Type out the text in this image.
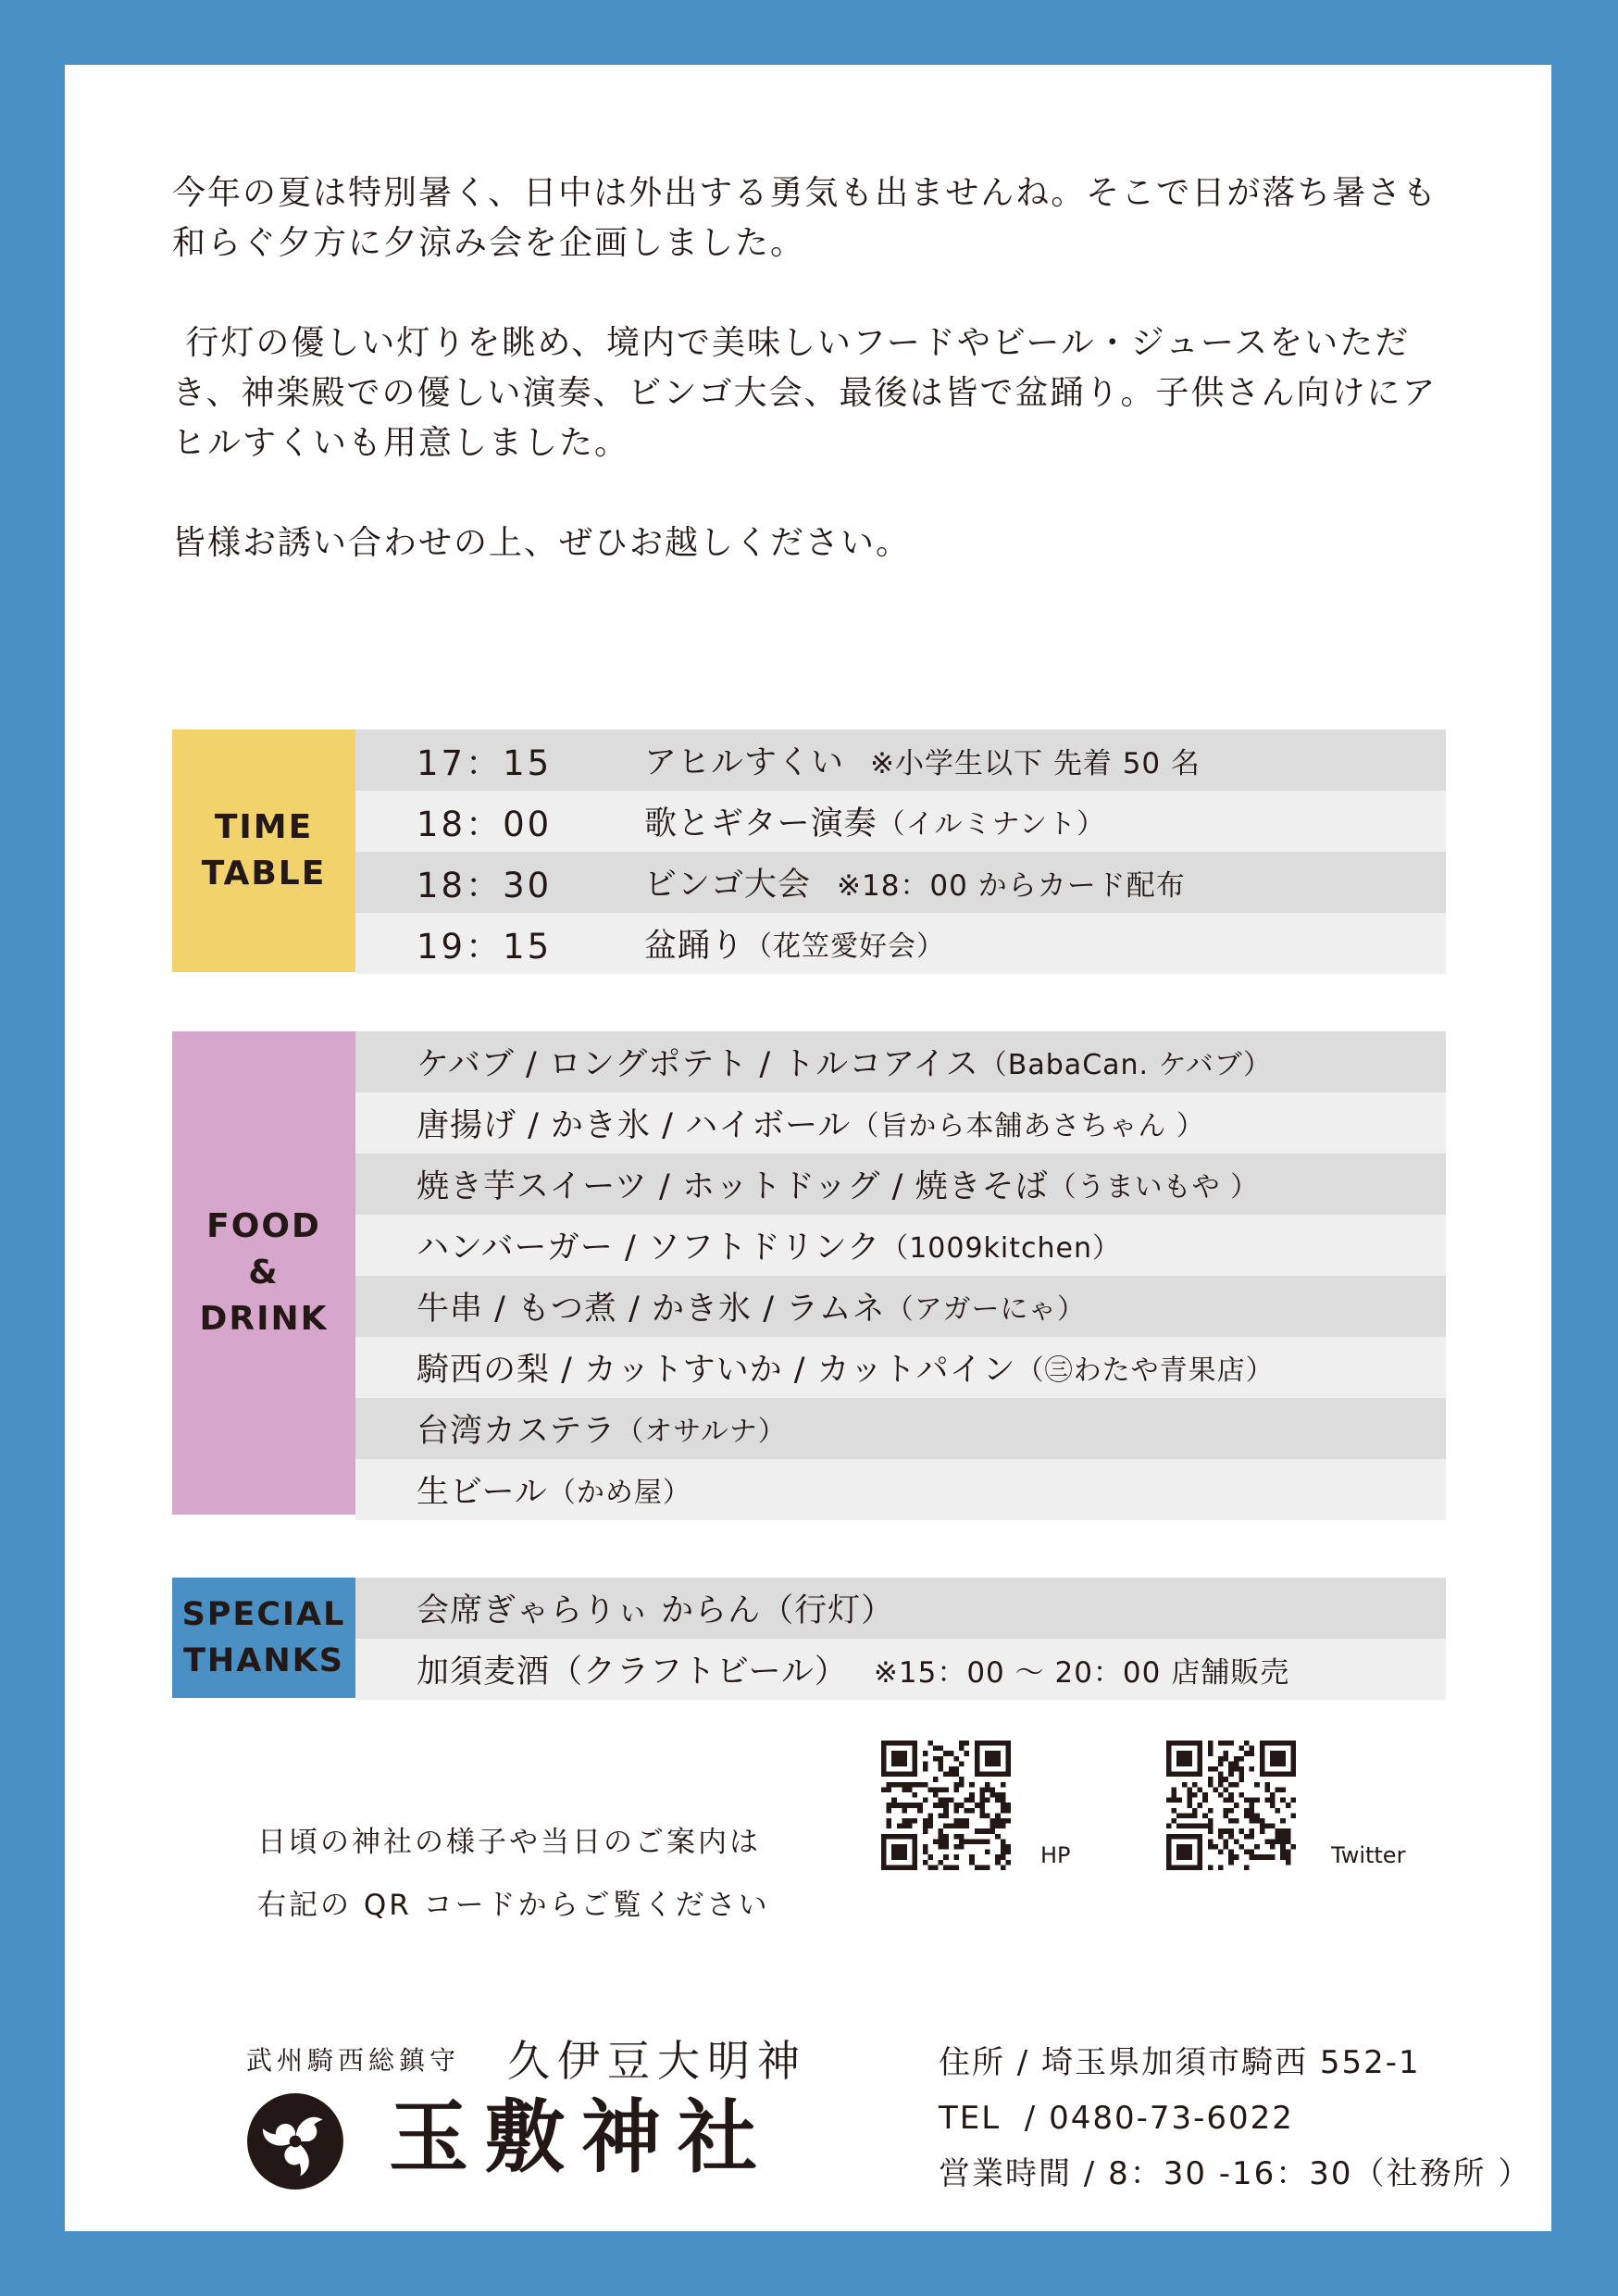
今年の夏は特別暑く、日中は外出する勇気も出ませんね。そこで日が落ち暑さも和らぐ夕方に夕涼み会を企画しました。

行灯の優しい灯りを眺め、境内で美味しいフードやビール・ジュースをいただき、神楽殿での優しい演奏、ビンゴ大会、最後は皆で盆踊り。子供さん向けにアヒルすくいも用意しました。

皆様お誘い合わせの上、ぜひお越しください。

TIME
TABLE
17：15	アヒルすくい ※小学生以下 先着 50 名
18：00	歌とギター演奏 （イルミナント）
18：30	ビンゴ大会 ※18：00 からカード配布
19：15	盆踊り （花笠愛好会）
FOOD
&
DRINK
ケバブ / ロングポテト / トルコアイス （BabaCan. ケバブ）
唐揚げ / かき氷 / ハイボール （旨から本舗あさちゃん ）
焼き芋スイーツ / ホットドッグ / 焼きそば （うまいもや ）
ハンバーガー / ソフトドリンク （1009kitchen）
牛串 / もつ煮 / かき氷 / ラムネ （アガーにゃ）
騎西の梨 / カットすいか / カットパイン （㊂わたや青果店）
台湾カステラ （オサルナ）
生ビール （かめ屋）
SPECIAL
THANKS
会席ぎゃらりぃ からん（行灯）
加須麦酒（クラフトビール） ※15：00 ～ 20：00 店舗販売
日頃の神社の様子や当日のご案内は
右記の QR コードからご覧ください
HP	Twitter
武州騎西総鎮守 久伊豆大明神
玉敷神社
住所 / 埼玉県加須市騎西 552-1
TEL  / 0480-73-6022
営業時間 / 8：30 -16：30（社務所 ）
